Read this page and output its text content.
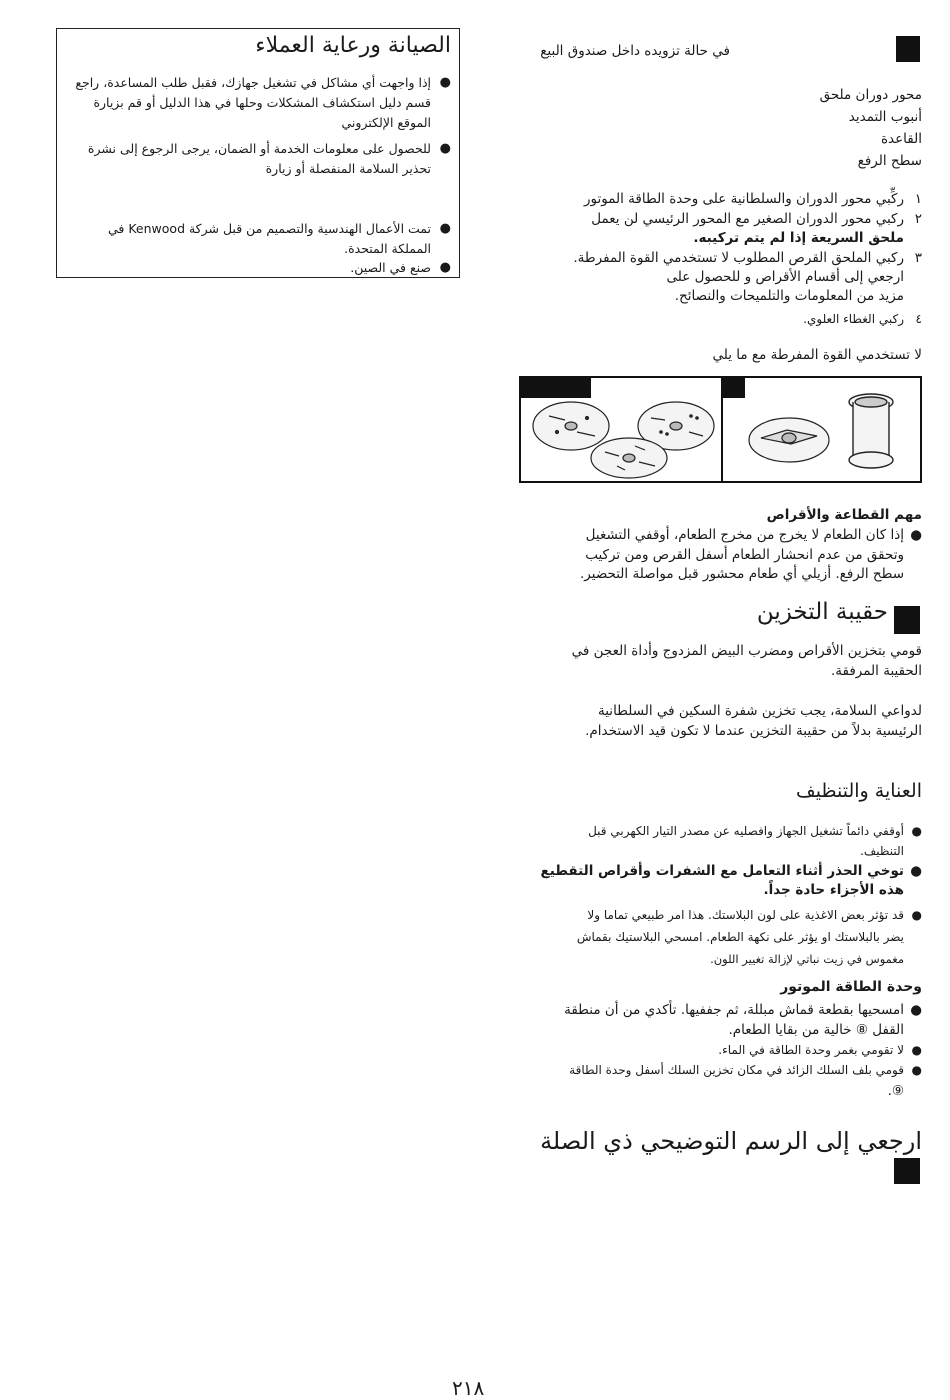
الصيانة ورعاية العملاء
●
إذا واجهت أي مشاكل في تشغيل جهازك، فقبل طلب المساعدة، راجع قسم دليل استكشاف المشكلات وحلها في هذا الدليل أو قم بزيارة الموقع الإلكتروني
●
للحصول على معلومات الخدمة أو الضمان، يرجى الرجوع إلى نشرة تحذير السلامة المنفصلة أو زيارة
●
تمت الأعمال الهندسية والتصميم من قبل شركة Kenwood في المملكة المتحدة.
●
صنع في الصين.
في حالة تزويده داخل صندوق البيع
محور دوران ملحق
أنبوب التمديد
القاعدة
سطح الرفع
١ركِّبي محور الدوران والسلطانية على وحدة الطاقة الموتور
٢ركبي محور الدوران الصغير مع المحور الرئيسي لن يعمل
ملحق السريعة إذا لم يتم تركيبه.
٣ركبي الملحق القرص المطلوب لا تستخدمي القوة المفرطة.
ارجعي إلى أقسام الأقراص و للحصول على
مزيد من المعلومات والتلميحات والنصائح.
٤ركبي الغطاء العلوي.
لا تستخدمي القوة المفرطة مع ما يلي
مهم القطاعة والأقراص
●
إذا كان الطعام لا يخرج من مخرج الطعام، أوقفي التشغيل
وتحقق من عدم انحشار الطعام أسفل القرص ومن تركيب
سطح الرفع. أزيلي أي طعام محشور قبل مواصلة التحضير.
حقيبة التخزين
قومي بتخزين الأقراص ومضرب البيض المزدوج وأداة العجن في
الحقيبة المرفقة.
لدواعي السلامة، يجب تخزين شفرة السكين في السلطانية
الرئيسية بدلاً من حقيبة التخزين عندما لا تكون قيد الاستخدام.
العناية والتنظيف
●
أوقفي دائماً تشغيل الجهاز وافصليه عن مصدر التيار الكهربي قبل
التنظيف.
●
توخي الحذر أثناء التعامل مع الشفرات وأقراص التقطيع
هذه الأجزاء حادة جداً.
●
قد تؤثر بعض الاغذية على لون البلاستك. هذا امر طبيعي تماما ولا
يضر بالبلاستك او يؤثر على نكهة الطعام. امسحي البلاستيك بقماش
مغموس في زيت نباتي لإزالة تغيير اللون.
وحدة الطاقة الموتور
●
امسحيها بقطعة قماش مبللة، ثم جففيها. تأكدي من أن منطقة
القفل ⑧ خالية من بقايا الطعام.
●
لا تقومي بغمر وحدة الطاقة في الماء.
●
قومي بلف السلك الزائد في مكان تخزين السلك أسفل وحدة الطاقة
⑨.
ارجعي إلى الرسم التوضيحي ذي الصلة
٢١٨
